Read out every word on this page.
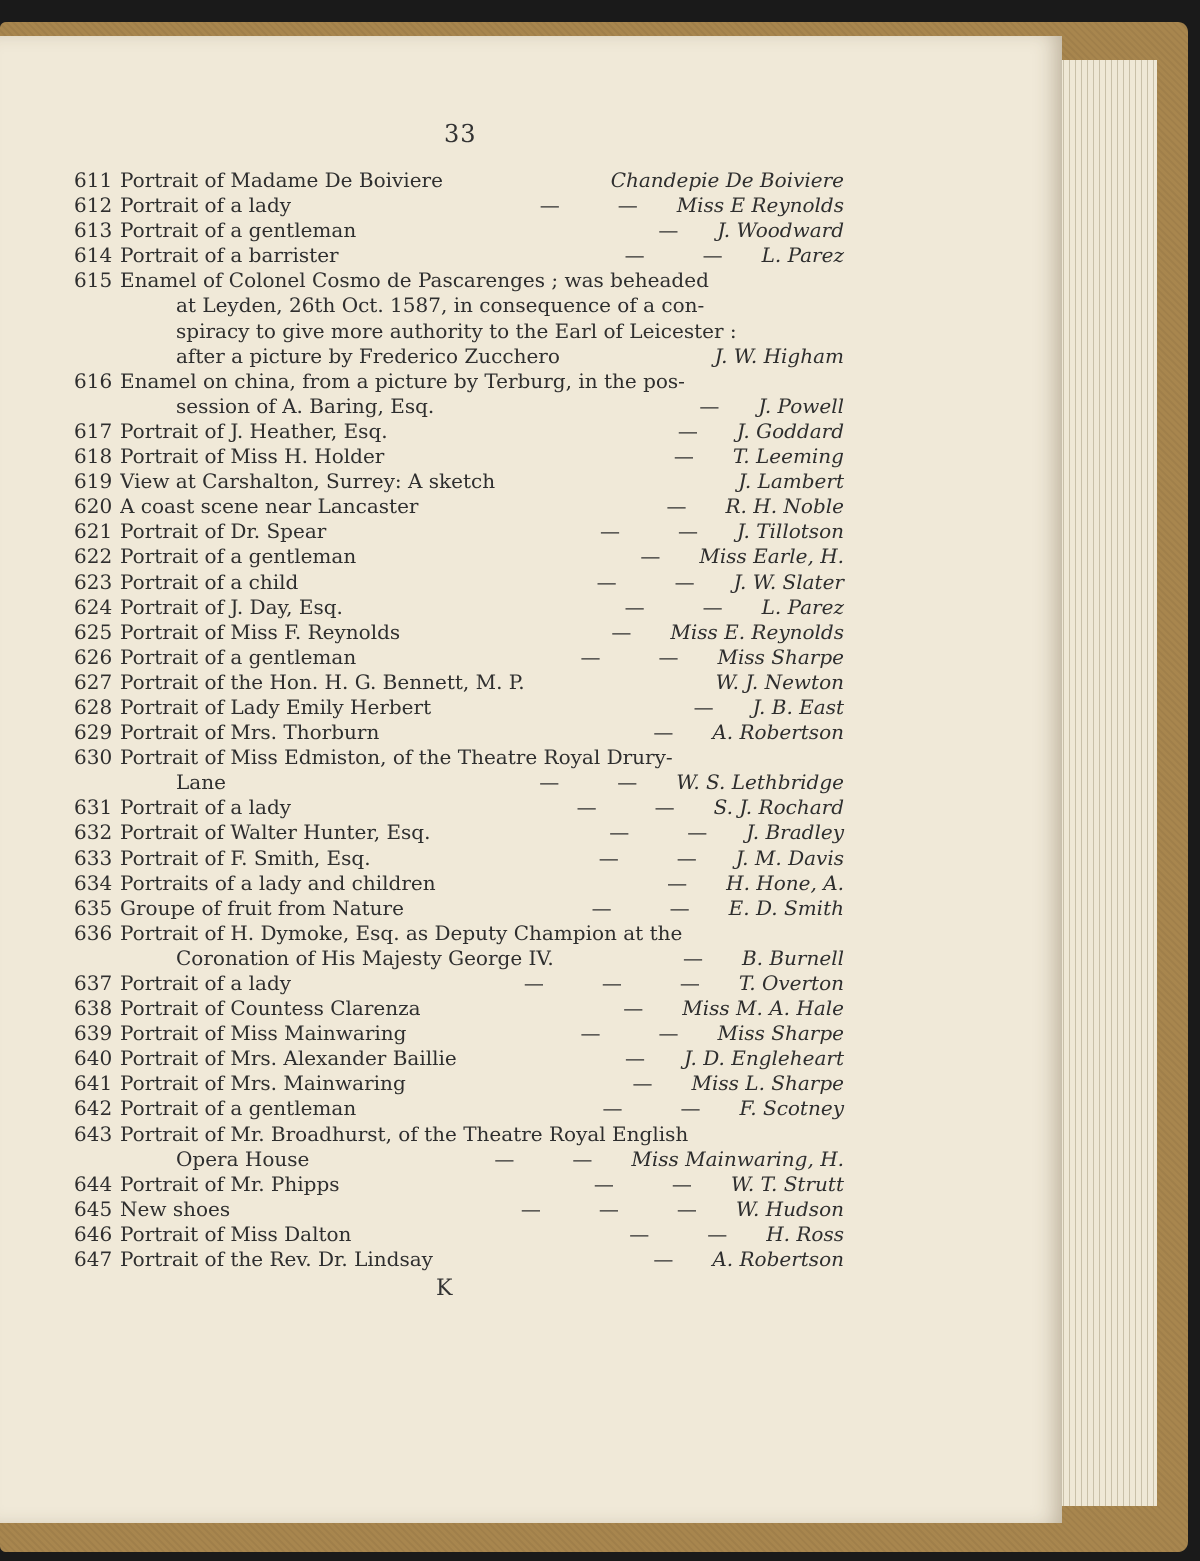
33
611 Portrait of Madame De Boiviere	Chandepie De Boiviere
612 Portrait of a lady	—	—	Miss E Reynolds
613 Portrait of a gentleman	—	J. Woodward
614 Portrait of a barrister	—	—	L. Parez
615 Enamel of Colonel Cosmo de Pascarenges ; was beheaded
at Leyden, 26th Oct. 1587, in consequence of a con-
spiracy to give more authority to the Earl of Leicester :
after a picture by Frederico Zucchero	J. W. Higham
616 Enamel on china, from a picture by Terburg, in the pos-
session of A. Baring, Esq.	—	J. Powell
617 Portrait of J. Heather, Esq.	—	J. Goddard
618 Portrait of Miss H. Holder	—	T. Leeming
619 View at Carshalton, Surrey: A sketch	J. Lambert
620 A coast scene near Lancaster	—	R. H. Noble
621 Portrait of Dr. Spear	—	—	J. Tillotson
622 Portrait of a gentleman	—	Miss Earle, H.
623 Portrait of a child	—	—	J. W. Slater
624 Portrait of J. Day, Esq.	—	—	L. Parez
625 Portrait of Miss F. Reynolds	—	Miss E. Reynolds
626 Portrait of a gentleman	—	—	Miss Sharpe
627 Portrait of the Hon. H. G. Bennett, M. P.	W. J. Newton
628 Portrait of Lady Emily Herbert	—	J. B. East
629 Portrait of Mrs. Thorburn	—	A. Robertson
630 Portrait of Miss Edmiston, of the Theatre Royal Drury-
Lane	—	—	W. S. Lethbridge
631 Portrait of a lady	—	—	S. J. Rochard
632 Portrait of Walter Hunter, Esq.	—	—	J. Bradley
633 Portrait of F. Smith, Esq.	—	—	J. M. Davis
634 Portraits of a lady and children	—	H. Hone, A.
635 Groupe of fruit from Nature	—	—	E. D. Smith
636 Portrait of H. Dymoke, Esq. as Deputy Champion at the
Coronation of His Majesty George IV.	—	B. Burnell
637 Portrait of a lady	—	—	—	T. Overton
638 Portrait of Countess Clarenza	—	Miss M. A. Hale
639 Portrait of Miss Mainwaring	—	—	Miss Sharpe
640 Portrait of Mrs. Alexander Baillie	—	J. D. Engleheart
641 Portrait of Mrs. Mainwaring	—	Miss L. Sharpe
642 Portrait of a gentleman	—	—	F. Scotney
643 Portrait of Mr. Broadhurst, of the Theatre Royal English
Opera House	—	—	Miss Mainwaring, H.
644 Portrait of Mr. Phipps	—	—	W. T. Strutt
645 New shoes	—	—	—	W. Hudson
646 Portrait of Miss Dalton	—	—	H. Ross
647 Portrait of the Rev. Dr. Lindsay	—	A. Robertson
K
